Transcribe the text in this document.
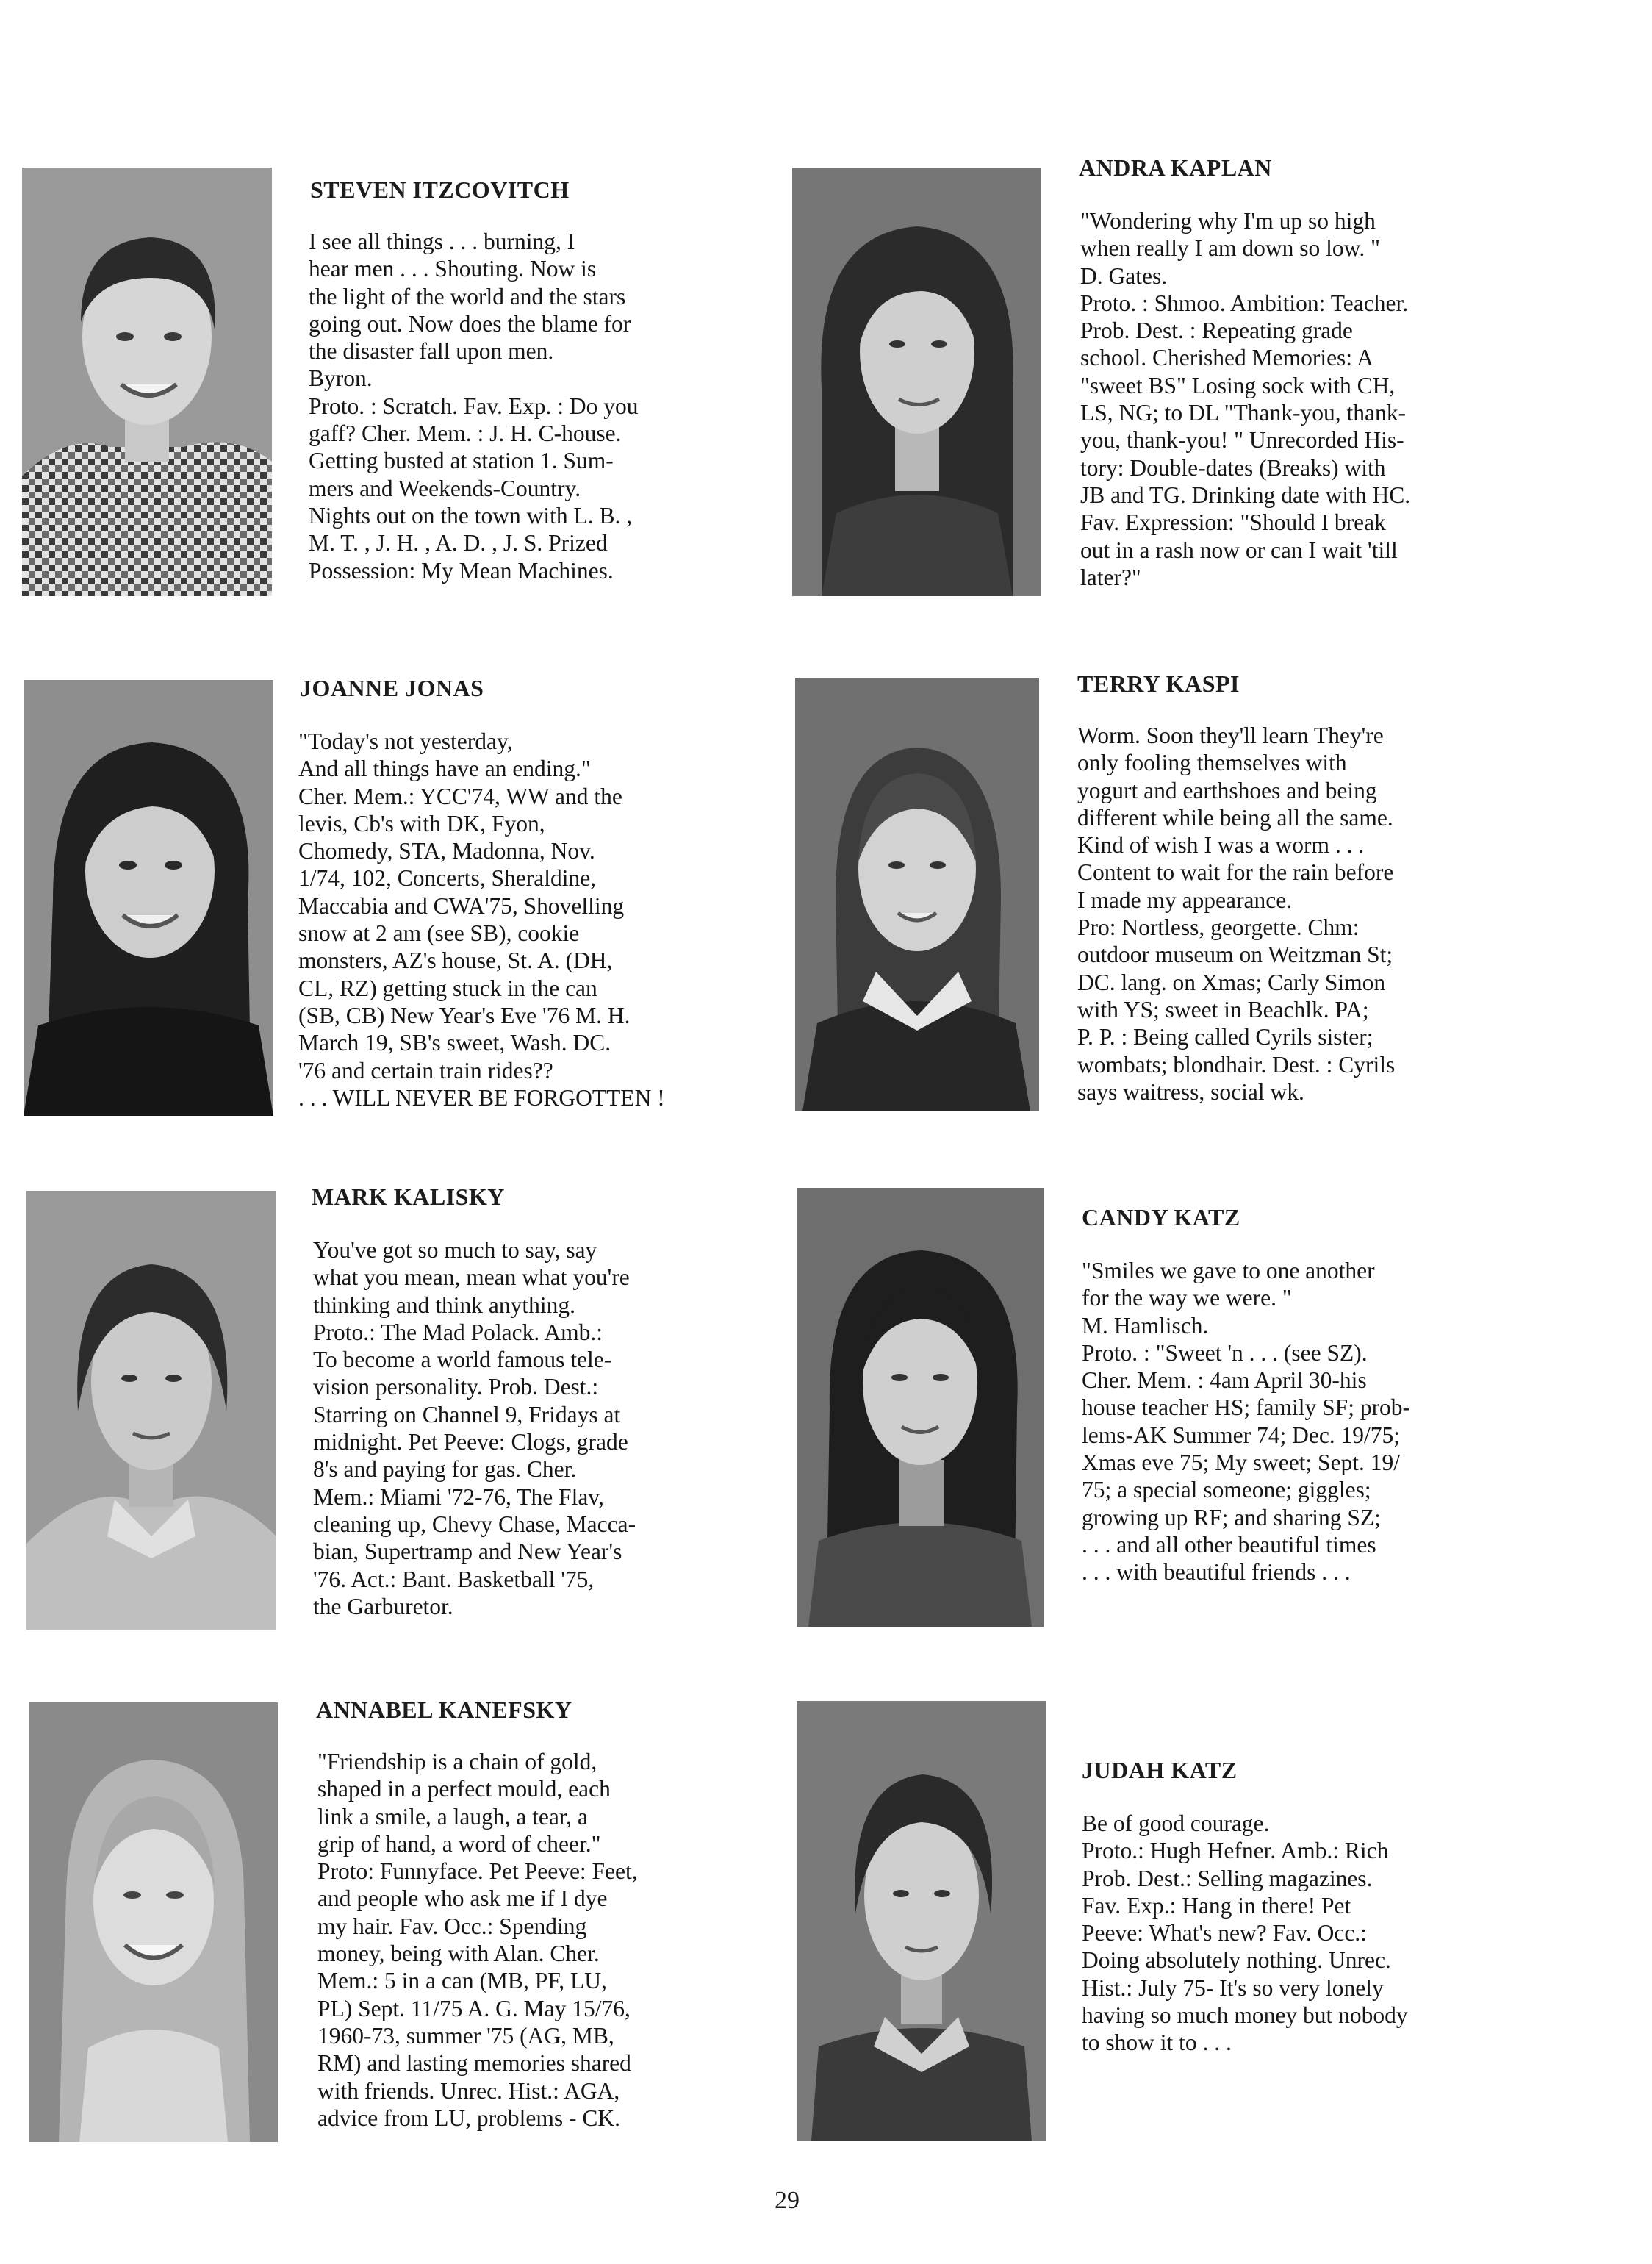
STEVEN ITZCOVITCH

I see all things . . . burning, I
hear men . . . Shouting. Now is
the light of the world and the stars
going out. Now does the blame for
the disaster fall upon men.
Byron.
Proto. : Scratch. Fav. Exp. : Do you
gaff? Cher. Mem. : J. H. C-house.
Getting busted at station 1. Sum-
mers and Weekends-Country.
Nights out on the town with L. B. ,
M. T. , J. H. , A. D. , J. S. Prized
Possession: My Mean Machines.

ANDRA KAPLAN

"Wondering why I'm up so high
when really I am down so low. "
D. Gates.
Proto. : Shmoo. Ambition: Teacher.
Prob. Dest. : Repeating grade
school. Cherished Memories: A
"sweet BS" Losing sock with CH,
LS, NG; to DL "Thank-you, thank-
you, thank-you! " Unrecorded His-
tory: Double-dates (Breaks) with
JB and TG. Drinking date with HC.
Fav. Expression: "Should I break
out in a rash now or can I wait 'till
later?"

JOANNE JONAS

"Today's not yesterday,
And all things have an ending."
Cher. Mem.: YCC'74, WW and the
levis, Cb's with DK, Fyon,
Chomedy, STA, Madonna, Nov.
1/74, 102, Concerts, Sheraldine,
Maccabia and CWA'75, Shovelling
snow at 2 am (see SB), cookie
monsters, AZ's house, St. A. (DH,
CL, RZ) getting stuck in the can
(SB, CB) New Year's Eve '76 M. H.
March 19, SB's sweet, Wash. DC.
'76 and certain train rides??
. . . WILL NEVER BE FORGOTTEN !

TERRY KASPI

Worm. Soon they'll learn They're
only fooling themselves with
yogurt and earthshoes and being
different while being all the same.
Kind of wish I was a worm . . .
Content to wait for the rain before
I made my appearance.
Pro: Nortless, georgette. Chm:
outdoor museum on Weitzman St;
DC. lang. on Xmas; Carly Simon
with YS; sweet in Beachlk. PA;
P. P. : Being called Cyrils sister;
wombats; blondhair. Dest. : Cyrils
says waitress, social wk.

MARK KALISKY

You've got so much to say, say
what you mean, mean what you're
thinking and think anything.
Proto.: The Mad Polack. Amb.:
To become a world famous tele-
vision personality. Prob. Dest.:
Starring on Channel 9, Fridays at
midnight. Pet Peeve: Clogs, grade
8's and paying for gas. Cher.
Mem.: Miami '72-76, The Flav,
cleaning up, Chevy Chase, Macca-
bian, Supertramp and New Year's
'76. Act.: Bant. Basketball '75,
the Garburetor.

CANDY KATZ

"Smiles we gave to one another
for the way we were. "
M. Hamlisch.
Proto. : "Sweet 'n . . . (see SZ).
Cher. Mem. : 4am April 30-his
house teacher HS; family SF; prob-
lems-AK Summer 74; Dec. 19/75;
Xmas eve 75; My sweet; Sept. 19/
75; a special someone; giggles;
growing up RF; and sharing SZ;
. . . and all other beautiful times
. . . with beautiful friends . . .

ANNABEL KANEFSKY

"Friendship is a chain of gold,
shaped in a perfect mould, each
link a smile, a laugh, a tear, a
grip of hand, a word of cheer."
Proto: Funnyface. Pet Peeve: Feet,
and people who ask me if I dye
my hair. Fav. Occ.: Spending
money, being with Alan. Cher.
Mem.: 5 in a can (MB, PF, LU,
PL) Sept. 11/75 A. G. May 15/76,
1960-73, summer '75 (AG, MB,
RM) and lasting memories shared
with friends. Unrec. Hist.: AGA,
advice from LU, problems - CK.

JUDAH KATZ

Be of good courage.
Proto.: Hugh Hefner. Amb.: Rich
Prob. Dest.: Selling magazines.
Fav. Exp.: Hang in there! Pet
Peeve: What's new? Fav. Occ.:
Doing absolutely nothing. Unrec.
Hist.: July 75- It's so very lonely
having so much money but nobody
to show it to . . .

29
